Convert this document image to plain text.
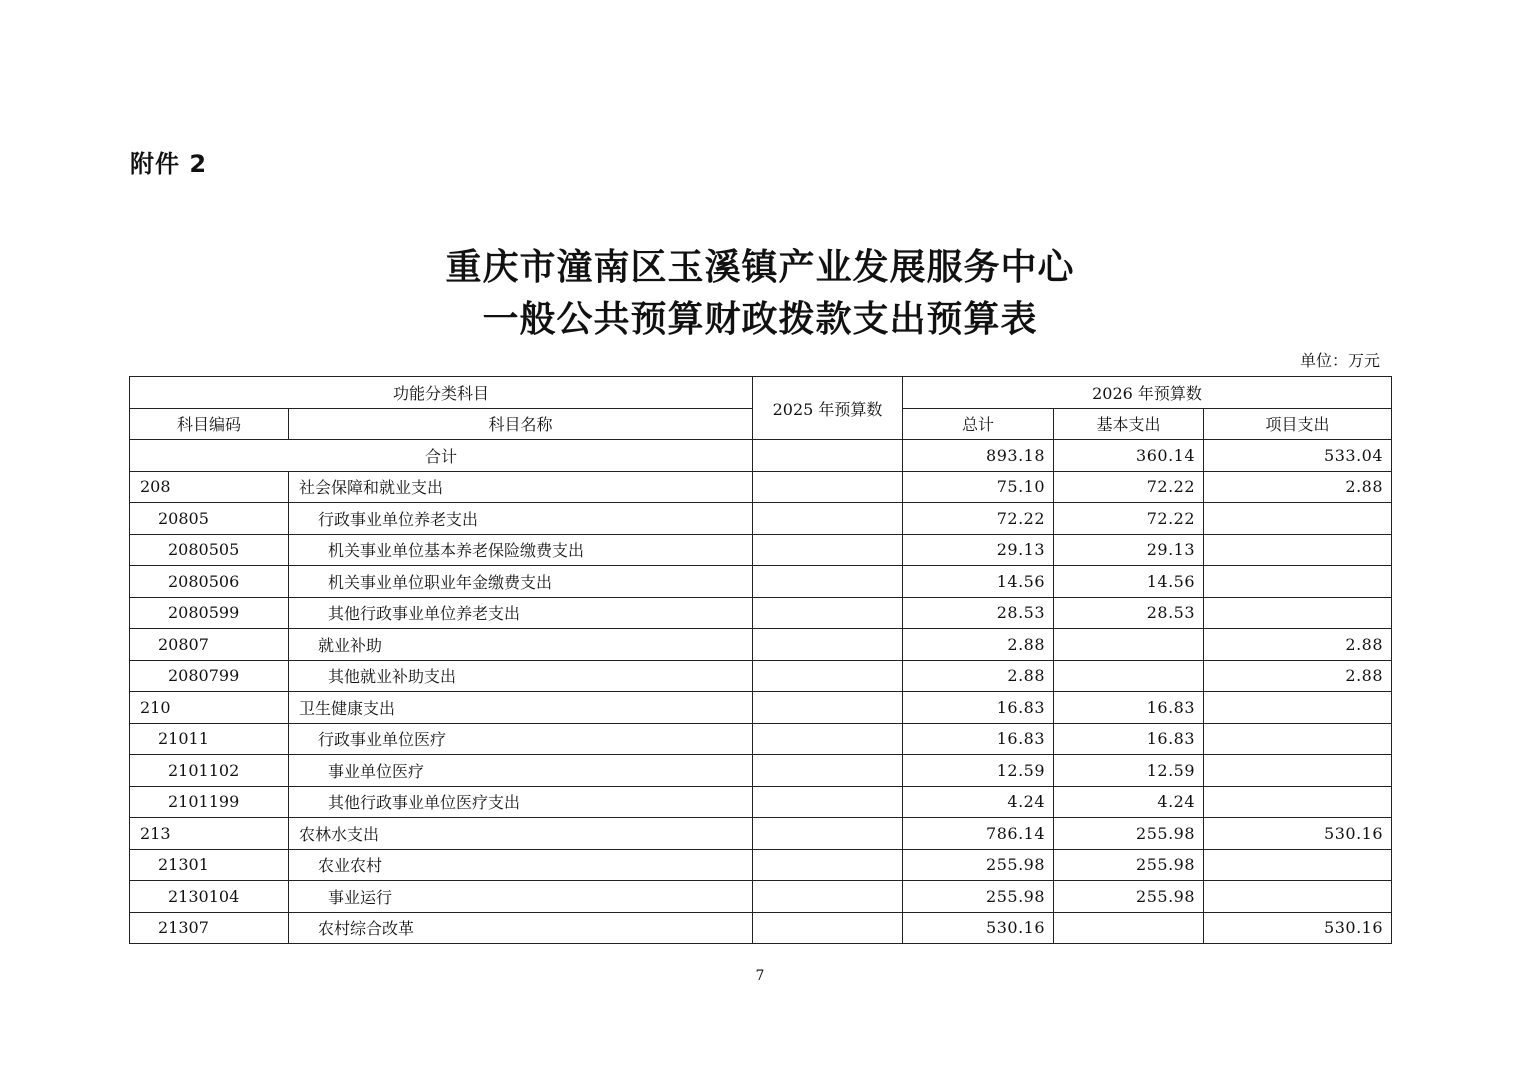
附件 2
重庆市潼南区玉溪镇产业发展服务中心
一般公共预算财政拨款支出预算表
单位：万元
功能分类科目		2025 年预算数	2026 年预算数		
科目编码	科目名称		总计	基本支出	项目支出
合计			893.18	360.14	533.04
208	社会保障和就业支出		75.10	72.22	2.88
20805	行政事业单位养老支出		72.22	72.22	
2080505	机关事业单位基本养老保险缴费支出		29.13	29.13	
2080506	机关事业单位职业年金缴费支出		14.56	14.56	
2080599	其他行政事业单位养老支出		28.53	28.53	
20807	就业补助		2.88		2.88
2080799	其他就业补助支出		2.88		2.88
210	卫生健康支出		16.83	16.83	
21011	行政事业单位医疗		16.83	16.83	
2101102	事业单位医疗		12.59	12.59	
2101199	其他行政事业单位医疗支出		4.24	4.24	
213	农林水支出		786.14	255.98	530.16
21301	农业农村		255.98	255.98	
2130104	事业运行		255.98	255.98	
21307	农村综合改革		530.16		530.16
7
